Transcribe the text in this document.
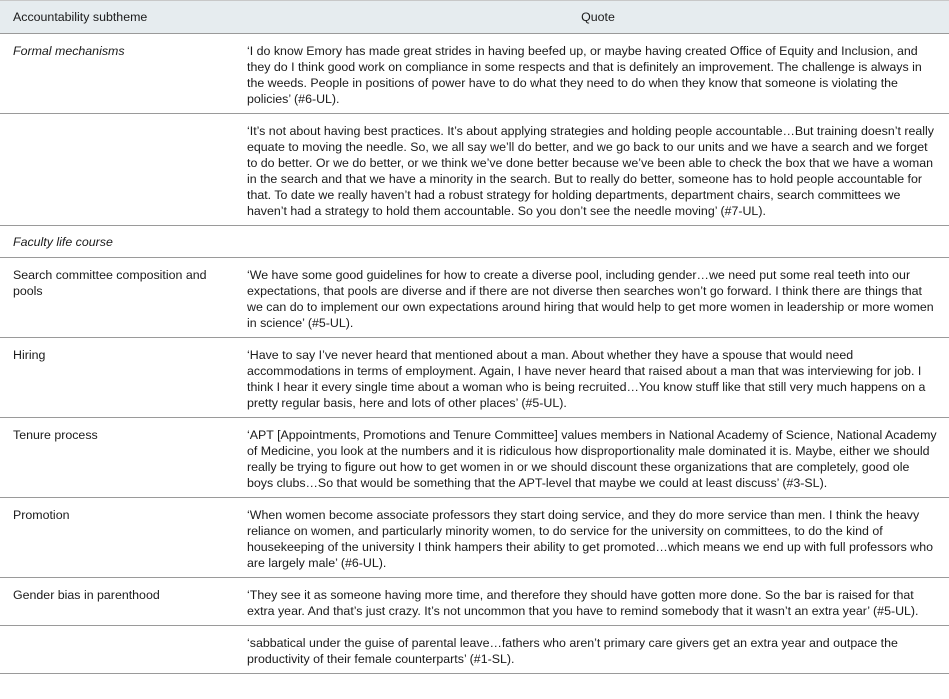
Accountability subtheme	Quote
Formal mechanisms	‘I do know Emory has made great strides in having beefed up, or maybe having created Office of Equity and Inclusion, and they do I think good work on compliance in some respects and that is definitely an improvement. The challenge is always in the weeds. People in positions of power have to do what they need to do when they know that someone is violating the policies’ (#6-UL).
	‘It’s not about having best practices. It’s about applying strategies and holding people accountable…But training doesn’t really equate to moving the needle. So, we all say we’ll do better, and we go back to our units and we have a search and we forget to do better. Or we do better, or we think we’ve done better because we’ve been able to check the box that we have a woman in the search and that we have a minority in the search. But to really do better, someone has to hold people accountable for that. To date we really haven’t had a robust strategy for holding departments, department chairs, search committees we haven’t had a strategy to hold them accountable. So you don’t see the needle moving’ (#7-UL).
Faculty life course	
Search committee composition and pools	‘We have some good guidelines for how to create a diverse pool, including gender…we need put some real teeth into our expectations, that pools are diverse and if there are not diverse then searches won’t go forward. I think there are things that we can do to implement our own expectations around hiring that would help to get more women in leadership or more women in science’ (#5-UL).
Hiring	‘Have to say I’ve never heard that mentioned about a man. About whether they have a spouse that would need accommodations in terms of employment. Again, I have never heard that raised about a man that was interviewing for job. I think I hear it every single time about a woman who is being recruited…You know stuff like that still very much happens on a pretty regular basis, here and lots of other places’ (#5-UL).
Tenure process	‘APT [Appointments, Promotions and Tenure Committee] values members in National Academy of Science, National Academy of Medicine, you look at the numbers and it is ridiculous how disproportionality male dominated it is. Maybe, either we should really be trying to figure out how to get women in or we should discount these organizations that are completely, good ole boys clubs…So that would be something that the APT-level that maybe we could at least discuss’ (#3-SL).
Promotion	‘When women become associate professors they start doing service, and they do more service than men. I think the heavy reliance on women, and particularly minority women, to do service for the university on committees, to do the kind of housekeeping of the university I think hampers their ability to get promoted…which means we end up with full professors who are largely male’ (#6-UL).
Gender bias in parenthood	‘They see it as someone having more time, and therefore they should have gotten more done. So the bar is raised for that extra year. And that’s just crazy. It’s not uncommon that you have to remind somebody that it wasn’t an extra year’ (#5-UL).
	‘sabbatical under the guise of parental leave…fathers who aren’t primary care givers get an extra year and outpace the productivity of their female counterparts’ (#1-SL).
